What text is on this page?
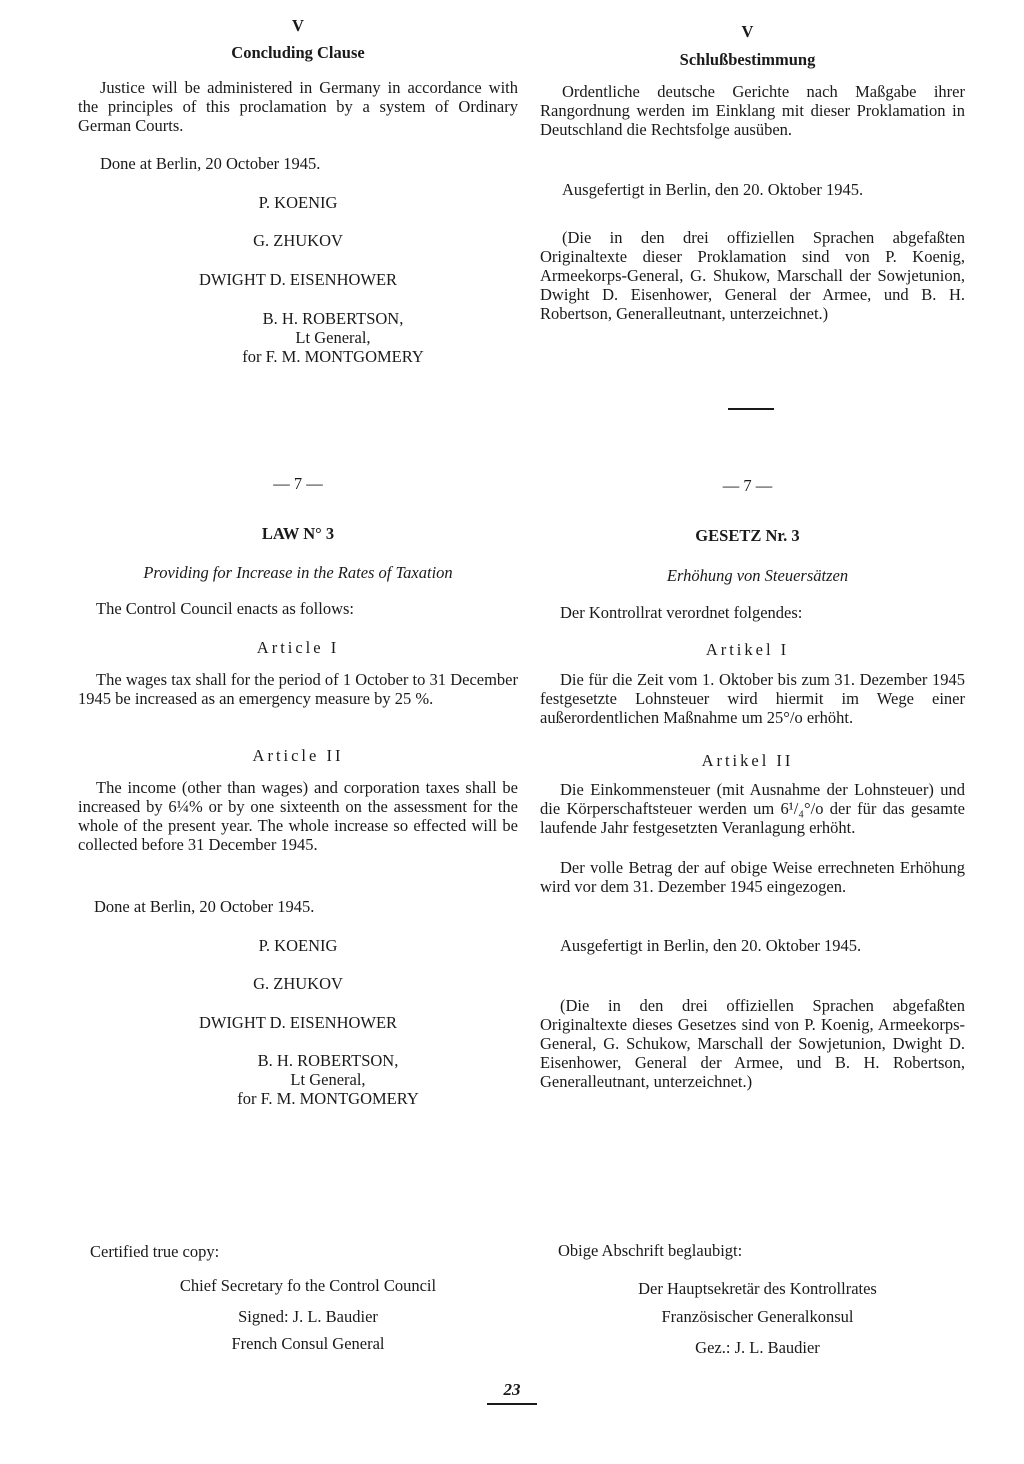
V
Concluding Clause

Justice will be administered in Germany in accordance with the principles of this proclamation by a system of Ordinary German Courts.

Done at Berlin, 20 October 1945.

P. KOENIG
G. ZHUKOV
DWIGHT D. EISENHOWER
B. H. ROBERTSON,
Lt General,
for F. M. MONTGOMERY
— 7 —
LAW N° 3
Providing for Increase in the Rates of Taxation

The Control Council enacts as follows:

Article I

The wages tax shall for the period of 1 October to 31 December 1945 be increased as an emergency measure by 25 %.

Article II

The income (other than wages) and corporation taxes shall be increased by 6¼% or by one sixteenth on the assessment for the whole of the present year. The whole increase so effected will be collected before 31 December 1945.

Done at Berlin, 20 October 1945.

P. KOENIG
G. ZHUKOV
DWIGHT D. EISENHOWER
B. H. ROBERTSON,
Lt General,
for F. M. MONTGOMERY

Certified true copy:

Chief Secretary fo the Control Council
Signed: J. L. Baudier
French Consul General
V
Schlußbestimmung

Ordentliche deutsche Gerichte nach Maßgabe ihrer Rangordnung werden im Einklang mit dieser Proklamation in Deutschland die Rechtsfolge ausüben.

Ausgefertigt in Berlin, den 20. Oktober 1945.

(Die in den drei offiziellen Sprachen abgefaßten Originaltexte dieser Proklamation sind von P. Koenig, Armeekorps-General, G. Shukow, Marschall der Sowjetunion, Dwight D. Eisenhower, General der Armee, und B. H. Robertson, Generalleutnant, unterzeichnet.)

— 7 —
GESETZ Nr. 3
Erhöhung von Steuersätzen

Der Kontrollrat verordnet folgendes:

Artikel I

Die für die Zeit vom 1. Oktober bis zum 31. Dezember 1945 festgesetzte Lohnsteuer wird hiermit im Wege einer außerordentlichen Maßnahme um 25°/o erhöht.

Artikel II

Die Einkommensteuer (mit Ausnahme der Lohnsteuer) und die Körperschaftsteuer werden um 6¹/₄°/o der für das gesamte laufende Jahr festgesetzten Veranlagung erhöht.

Der volle Betrag der auf obige Weise errechneten Erhöhung wird vor dem 31. Dezember 1945 eingezogen.

Ausgefertigt in Berlin, den 20. Oktober 1945.

(Die in den drei offiziellen Sprachen abgefaßten Originaltexte dieses Gesetzes sind von P. Koenig, Armeekorps-General, G. Schukow, Marschall der Sowjetunion, Dwight D. Eisenhower, General der Armee, und B. H. Robertson, Generalleutnant, unterzeichnet.)

Obige Abschrift beglaubigt:

Der Hauptsekretär des Kontrollrates
Französischer Generalkonsul
Gez.: J. L. Baudier
23
